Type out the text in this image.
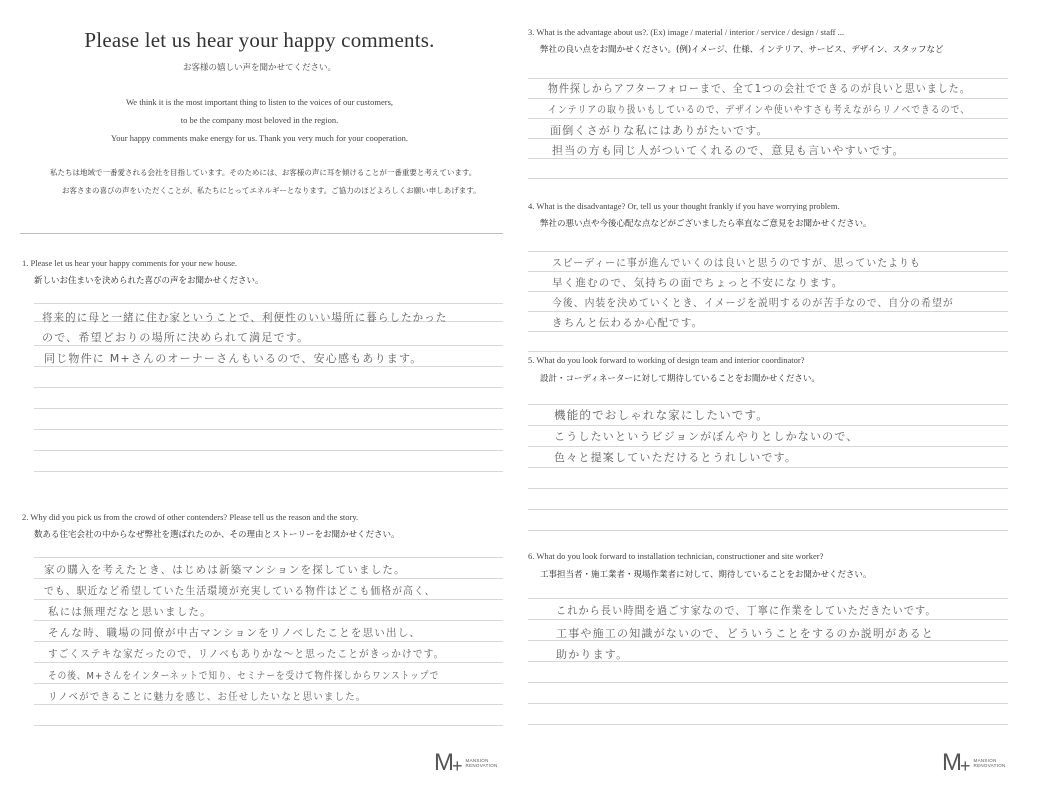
Please let us hear your happy comments.
お客様の嬉しい声を聞かせてください。
We think it is the most important thing to listen to the voices of our customers,
to be the company most beloved in the region.
Your happy comments make energy for us. Thank you very much for your cooperation.
私たちは地域で一番愛される会社を目指しています。そのためには、お客様の声に耳を傾けることが一番重要と考えています。
お客さまの喜びの声をいただくことが、私たちにとってエネルギーとなります。ご協力のほどよろしくお願い申しあげます。
1. Please let us hear your happy comments for your new house.
新しいお住まいを決められた喜びの声をお聞かせください。
将来的に母と一緒に住む家ということで、利便性のいい場所に暮らしたかった
ので、希望どおりの場所に決められて満足です。
同じ物件に M+さんのオーナーさんもいるので、安心感もあります。
2. Why did you pick us from the crowd of other contenders? Please tell us the reason and the story.
数ある住宅会社の中からなぜ弊社を選ばれたのか、その理由とストーリーをお聞かせください。
家の購入を考えたとき、はじめは新築マンションを探していました。
でも、駅近など希望していた生活環境が充実している物件はどこも価格が高く、
私には無理だなと思いました。
そんな時、職場の同僚が中古マンションをリノベしたことを思い出し、
すごくステキな家だったので、リノベもありかな〜と思ったことがきっかけです。
その後、M+さんをインターネットで知り、セミナーを受けて物件探しからワンストップで
リノベができることに魅力を感じ、お任せしたいなと思いました。
3. What is the advantage about us?. (Ex) image / material / interior / service / design / staff ...
弊社の良い点をお聞かせください。(例)イメージ、仕様、インテリア、サービス、デザイン、スタッフなど
物件探しからアフターフォローまで、全て1つの会社でできるのが良いと思いました。
インテリアの取り扱いもしているので、デザインや使いやすさも考えながらリノベできるので、
面倒くさがりな私にはありがたいです。
担当の方も同じ人がついてくれるので、意見も言いやすいです。
4. What is the disadvantage? Or, tell us your thought frankly if you have worrying problem.
弊社の悪い点や今後心配な点などがございましたら率直なご意見をお聞かせください。
スピーディーに事が進んでいくのは良いと思うのですが、思っていたよりも
早く進むので、気持ちの面でちょっと不安になります。
今後、内装を決めていくとき、イメージを説明するのが苦手なので、自分の希望が
きちんと伝わるか心配です。
5. What do you look forward to working of design team and interior coordinator?
設計・コーディネーターに対して期待していることをお聞かせください。
機能的でおしゃれな家にしたいです。
こうしたいというビジョンがぼんやりとしかないので、
色々と提案していただけるとうれしいです。
6. What do you look forward to installation technician, constructioner and site worker?
工事担当者・施工業者・現場作業者に対して、期待していることをお聞かせください。
これから長い時間を過ごす家なので、丁寧に作業をしていただきたいです。
工事や施工の知識がないので、どういうことをするのか説明があると
助かります。
M
+ MANSION
RENOVATION	M
+ MANSION
RENOVATION
